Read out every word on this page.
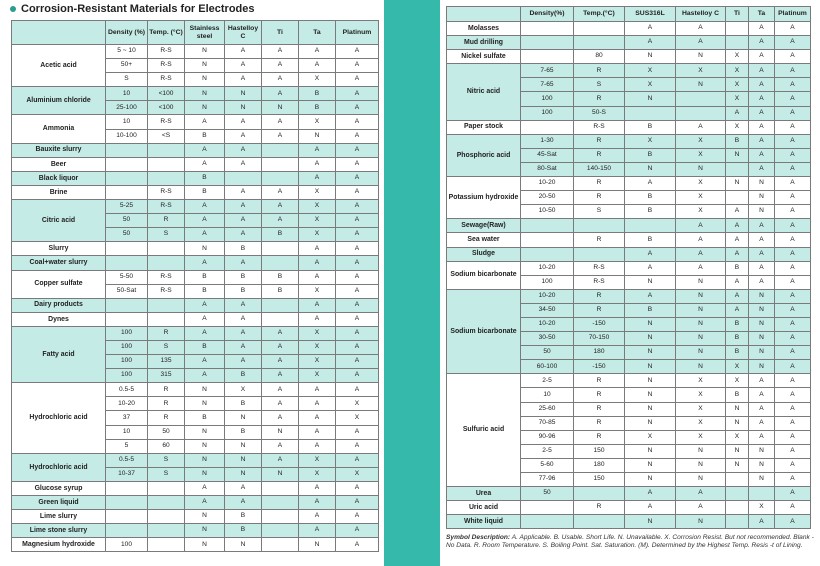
Corrosion-Resistant Materials for Electrodes
	Density (%)	Temp. (°C)	Stainless steel	Hastelloy C	Ti	Ta	Platinum
Acetic acid	5 ~ 10	R-S	N	A	A	A	A
	50+	R-S	N	A	A	A	A
	S	R-S	N	A	A	X	A
Aluminium chloride	10	<100	N	N	A	B	A
	25-100	<100	N	N	N	B	A
Ammonia	10	R-S	A	A	A	X	A
	10-100	<S	B	A	A	N	A
Bauxite slurry			A	A		A	A
Beer			A	A		A	A
Black liquor			B			A	A
Brine		R-S	B	A	A	X	A
Citric acid	5-25	R-S	A	A	A	X	A
	50	R	A	A	A	X	A
	50	S	A	A	B	X	A
Slurry			N	B		A	A
Coal+water slurry			A	A		A	A
Copper sulfate	5-50	R-S	B	B	B	A	A
	50-Sat	R-S	B	B	B	X	A
Dairy products			A	A		A	A
Dynes			A	A		A	A
Fatty acid	100	R	A	A	A	X	A
	100	S	B	A	A	X	A
	100	135	A	A	A	X	A
	100	315	A	B	A	X	A
Hydrochloric acid	0.5-5	R	N	X	A	A	A
	10-20	R	N	B	A	A	X
	37	R	B	N	A	A	X
	10	50	N	B	N	A	A
	5	60	N	N	A	A	A
Hydrochloric acid	0.5-5	S	N	N	A	X	A
	10-37	S	N	N	N	X	X
Glucose syrup			A	A		A	A
Green liquid			A	A		A	A
Lime slurry			N	B		A	A
Lime stone slurry			N	B		A	A
Magnesium hydroxide	100		N	N		N	A
	Density(%)	Temp.(°C)	SUS316L	Hastelloy C	Ti	Ta	Platinum
Molasses			A	A		A	A
Mud drilling			A	A		A	A
Nickel sulfate		80	N	N	X	A	A
Nitric acid	7-65	R	X	X	X	A	A
	7-65	S	X	N	X	A	A
	100	R	N		X	A	A
	100	50-S			A	A	A
Paper stock		R-S	B	A	X	A	A
Phosphoric acid	1-30	R	X	X	B	A	A
	45-Sat	R	B	X	N	A	A
	80-Sat	140-150	N	N		A	A
Potassium hydroxide	10-20	R	A	X	N	N	A
	20-50	R	B	X		N	A
	10-50	S	B	X	A	N	A
Sewage(Raw)				A	A	A	A
Sea water		R	B	A	A	A	A
Sludge			A	A	A	A	A
Sodium bicarbonate	10-20	R-S	A	A	B	A	A
	100	R-S	N	N	A	A	A
Sodium bicarbonate	10-20	R	A	N	A	N	A
	34-50	R	B	N	A	N	A
	10-20	-150	N	N	B	N	A
	30-50	70-150	N	N	B	N	A
	50	180	N	N	B	N	A
	60-100	-150	N	N	X	N	A
Sulfuric acid	2-5	R	N	X	X	A	A
	10	R	N	X	B	A	A
	25-60	R	N	X	N	A	A
	70-85	R	N	X	N	A	A
	90-96	R	X	X	X	A	A
	2-5	150	N	N	N	N	A
	5-60	180	N	N	N	N	A
	77-96	150	N	N		N	A
Urea	50		A	A			A
Uric acid		R	A	A		X	A
White liquid			N	N		A	A
Symbol Description: A. Applicable. B. Usable. Short Life. N. Unavailable. X. Corrosion Resist. But not recommended. Blank - No Data. R. Room Temperature. S. Boiling Point. Sat. Saturation. (M). Determined by the Highest Temp. Resis -t of Lining.
